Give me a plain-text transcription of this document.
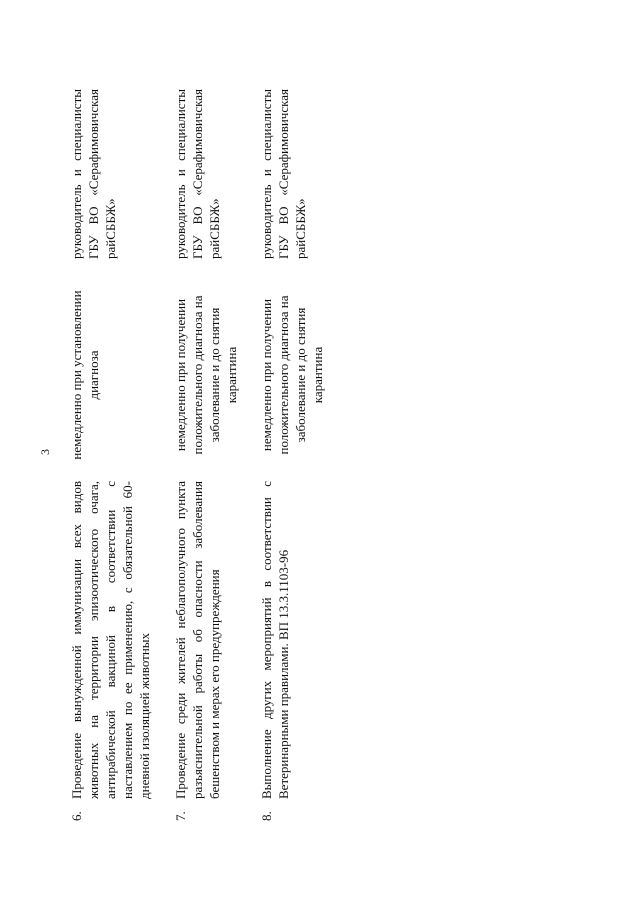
3
6.
Проведение вынужденной иммунизации всех видов животных на территории эпизоотического очага, антирабической вакциной в соответствии с наставлением по ее применению, с обязательной 60-дневной изоляцией животных
немедленно при установлении диагноза
руководитель и специалисты ГБУ ВО «Серафимовичская райСББЖ»
7.
Проведение среди жителей неблагополучного пункта разъяснительной работы об опасности заболевания бешенством и мерах его предупреждения
немедленно при получении положительного диагноза на заболевание и до снятия карантина
руководитель и специалисты ГБУ ВО «Серафимовичская райСББЖ»
8.
Выполнение других мероприятий в соответствии с Ветеринарными правилами. ВП 13.3.1103-96
немедленно при получении положительного диагноза на заболевание и до снятия карантина
руководитель и специалисты ГБУ ВО «Серафимовичская райСББЖ»
